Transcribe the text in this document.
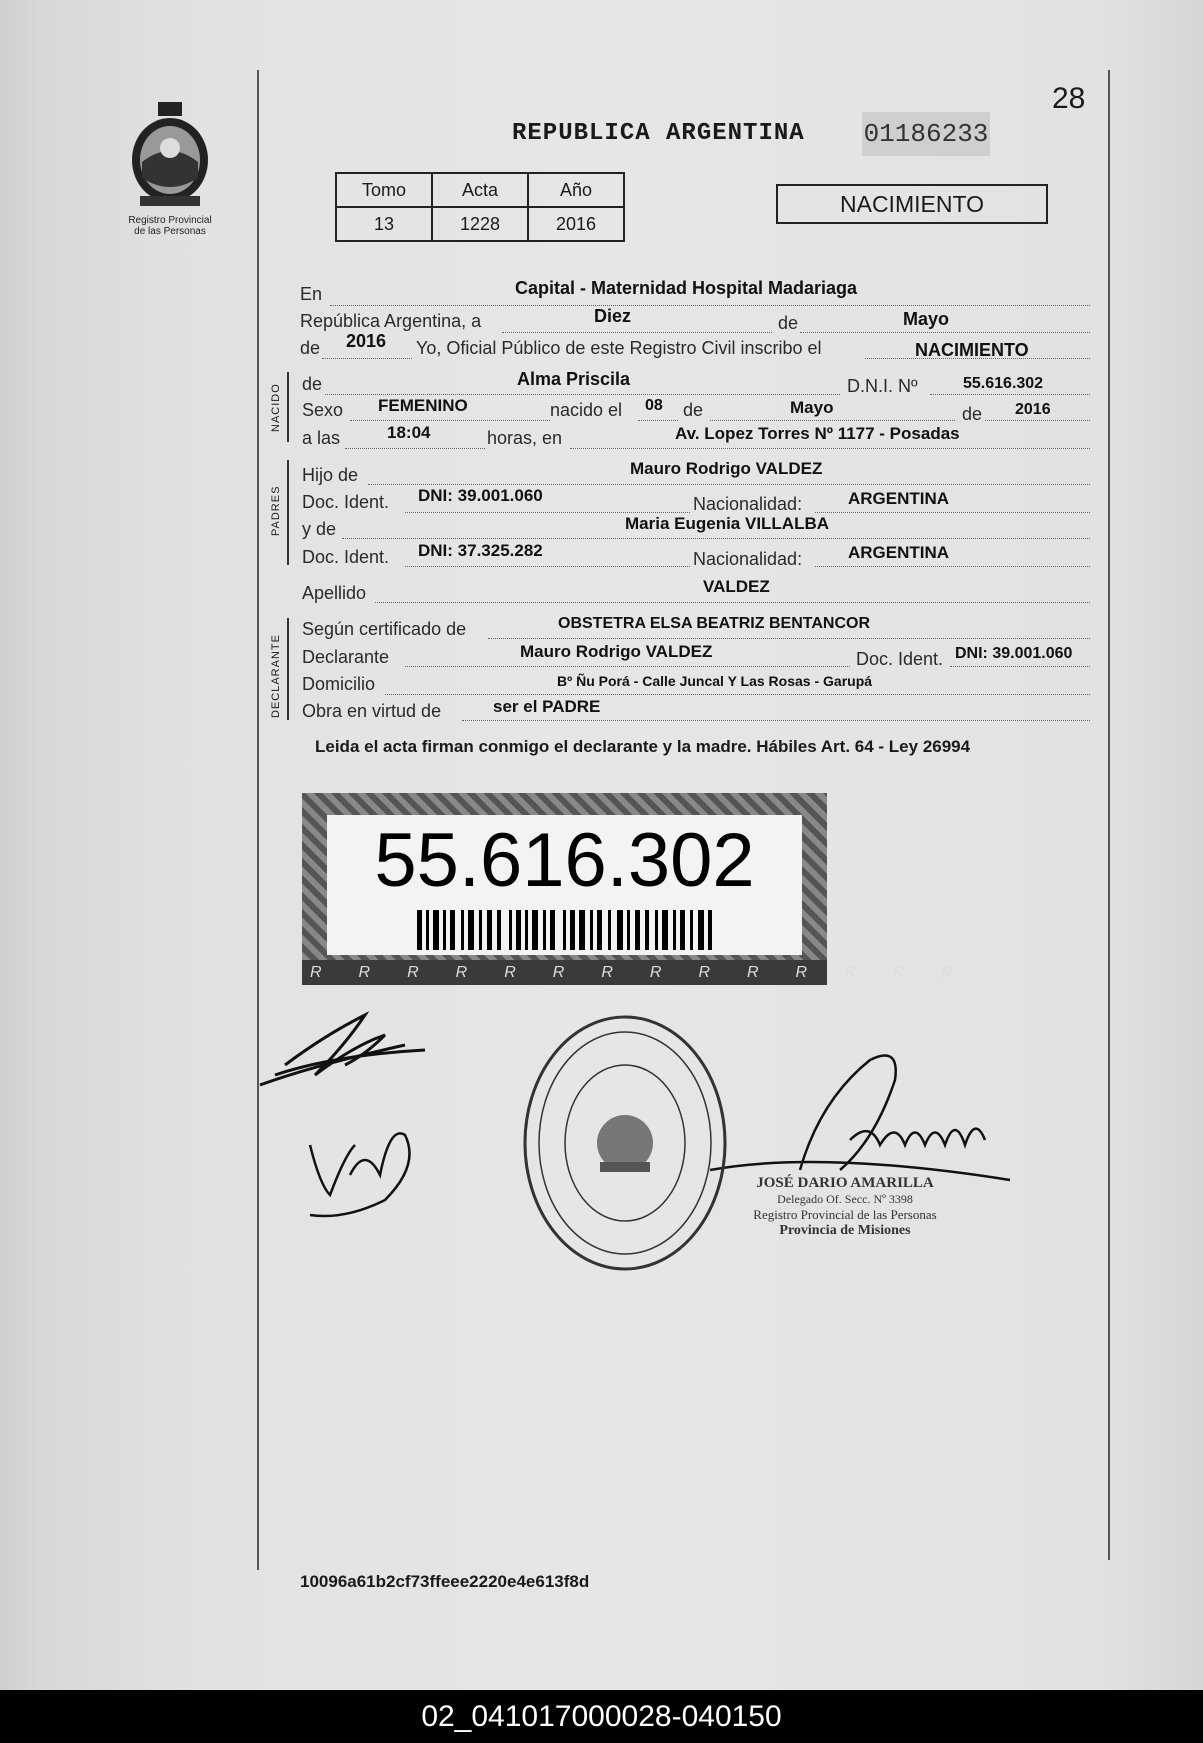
Registro Provincial
de las Personas
28
REPUBLICA ARGENTINA 01186233
Tomo	Acta	Año
13	1228	2016
NACIMIENTO
NACIDO
PADRES
DECLARANTE
En	Capital - Maternidad Hospital Madariaga
República Argentina, a	Diez	de	Mayo
de 2016 Yo, Oficial Público de este Registro Civil inscribo el	NACIMIENTO
de	Alma Priscila	D.N.I. Nº	55.616.302
Sexo FEMENINO	nacido el 08 de	Mayo	de 2016
a las	18:04	horas, en	Av. Lopez Torres Nº 1177 - Posadas
Hijo de	Mauro Rodrigo VALDEZ
Doc. Ident. DNI: 39.001.060	Nacionalidad:	ARGENTINA
y de	Maria Eugenia VILLALBA
Doc. Ident. DNI: 37.325.282	Nacionalidad:	ARGENTINA
Apellido	VALDEZ
Según certificado de	OBSTETRA ELSA BEATRIZ BENTANCOR
Declarante	Mauro Rodrigo VALDEZ	Doc. Ident. DNI: 39.001.060
Domicilio	Bº Ñu Porá - Calle Juncal Y Las Rosas - Garupá
Obra en virtud de	ser el PADRE
Leida el acta firman conmigo el declarante y la madre. Hábiles Art. 64 - Ley 26994
55.616.302
RRRRRRRRRRRRRR
JOSÉ DARIO AMARILLA
Delegado Of. Secc. Nº 3398
Registro Provincial de las Personas
Provincia de Misiones
10096a61b2cf73ffeee2220e4e613f8d
02_041017000028-040150
